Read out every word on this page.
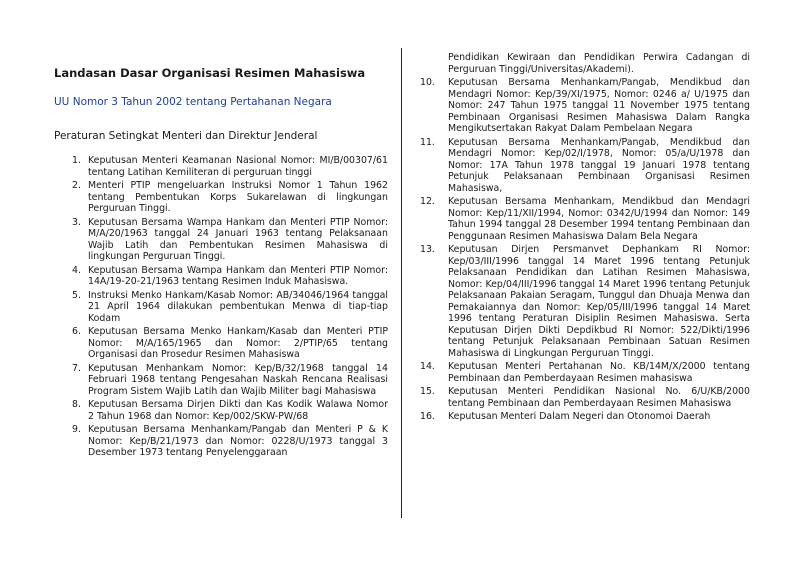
Landasan Dasar Organisasi Resimen Mahasiswa
UU Nomor 3 Tahun 2002 tentang Pertahanan Negara
Peraturan Setingkat Menteri dan Direktur Jenderal
1. Keputusan Menteri Keamanan Nasional Nomor: MI/B/00307/61 tentang Latihan Kemiliteran di perguruan tinggi
2. Menteri PTIP mengeluarkan Instruksi Nomor 1 Tahun 1962 tentang Pembentukan Korps Sukarelawan di lingkungan Perguruan Tinggi.
3. Keputusan Bersama Wampa Hankam dan Menteri PTIP Nomor: M/A/20/1963 tanggal 24 Januari 1963 tentang Pelaksanaan Wajib Latih dan Pembentukan Resimen Mahasiswa di lingkungan Perguruan Tinggi.
4. Keputusan Bersama Wampa Hankam dan Menteri PTIP Nomor: 14A/19-20-21/1963 tentang Resimen Induk Mahasiswa.
5. Instruksi Menko Hankam/Kasab Nomor: AB/34046/1964 tanggal 21 April 1964 dilakukan pembentukan Menwa di tiap-tiap Kodam
6. Keputusan Bersama Menko Hankam/Kasab dan Menteri PTIP Nomor: M/A/165/1965 dan Nomor: 2/PTIP/65 tentang Organisasi dan Prosedur Resimen Mahasiswa
7. Keputusan Menhankam Nomor: Kep/B/32/1968 tanggal 14 Februari 1968 tentang Pengesahan Naskah Rencana Realisasi Program Sistem Wajib Latih dan Wajib Militer bagi Mahasiswa
8. Keputusan Bersama Dirjen Dikti dan Kas Kodik Walawa Nomor 2 Tahun 1968 dan Nomor: Kep/002/SKW-PW/68
9. Keputusan Bersama Menhankam/Pangab dan Menteri P & K Nomor: Kep/B/21/1973 dan Nomor: 0228/U/1973 tanggal 3 Desember 1973 tentang Penyelenggaraan
Pendidikan Kewiraan dan Pendidikan Perwira Cadangan di Perguruan Tinggi/Universitas/Akademi).
10. Keputusan Bersama Menhankam/Pangab, Mendikbud dan Mendagri Nomor: Kep/39/XI/1975, Nomor: 0246 a/ U/1975 dan Nomor: 247 Tahun 1975 tanggal 11 November 1975 tentang Pembinaan Organisasi Resimen Mahasiswa Dalam Rangka Mengikutsertakan Rakyat Dalam Pembelaan Negara
11. Keputusan Bersama Menhankam/Pangab, Mendikbud dan Mendagri Nomor: Kep/02/I/1978, Nomor: 05/a/U/1978 dan Nomor: 17A Tahun 1978 tanggal 19 Januari 1978 tentang Petunjuk Pelaksanaan Pembinaan Organisasi Resimen Mahasiswa,
12. Keputusan Bersama Menhankam, Mendikbud dan Mendagri Nomor: Kep/11/XII/1994, Nomor: 0342/U/1994 dan Nomor: 149 Tahun 1994 tanggal 28 Desember 1994 tentang Pembinaan dan Penggunaan Resimen Mahasiswa Dalam Bela Negara
13. Keputusan Dirjen Persmanvet Dephankam RI Nomor: Kep/03/III/1996 tanggal 14 Maret 1996 tentang Petunjuk Pelaksanaan Pendidikan dan Latihan Resimen Mahasiswa, Nomor: Kep/04/III/1996 tanggal 14 Maret 1996 tentang Petunjuk Pelaksanaan Pakaian Seragam, Tunggul dan Dhuaja Menwa dan Pemakaiannya dan Nomor: Kep/05/III/1996 tanggal 14 Maret 1996 tentang Peraturan Disiplin Resimen Mahasiswa. Serta Keputusan Dirjen Dikti Depdikbud RI Nomor: 522/Dikti/1996 tentang Petunjuk Pelaksanaan Pembinaan Satuan Resimen Mahasiswa di Lingkungan Perguruan Tinggi.
14. Keputusan Menteri Pertahanan No. KB/14M/X/2000 tentang Pembinaan dan Pemberdayaan Resimen mahasiswa
15. Keputusan Menteri Pendidikan Nasional No. 6/U/KB/2000 tentang Pembinaan dan Pemberdayaan Resimen Mahasiswa
16. Keputusan Menteri Dalam Negeri dan Otonomoi Daerah
